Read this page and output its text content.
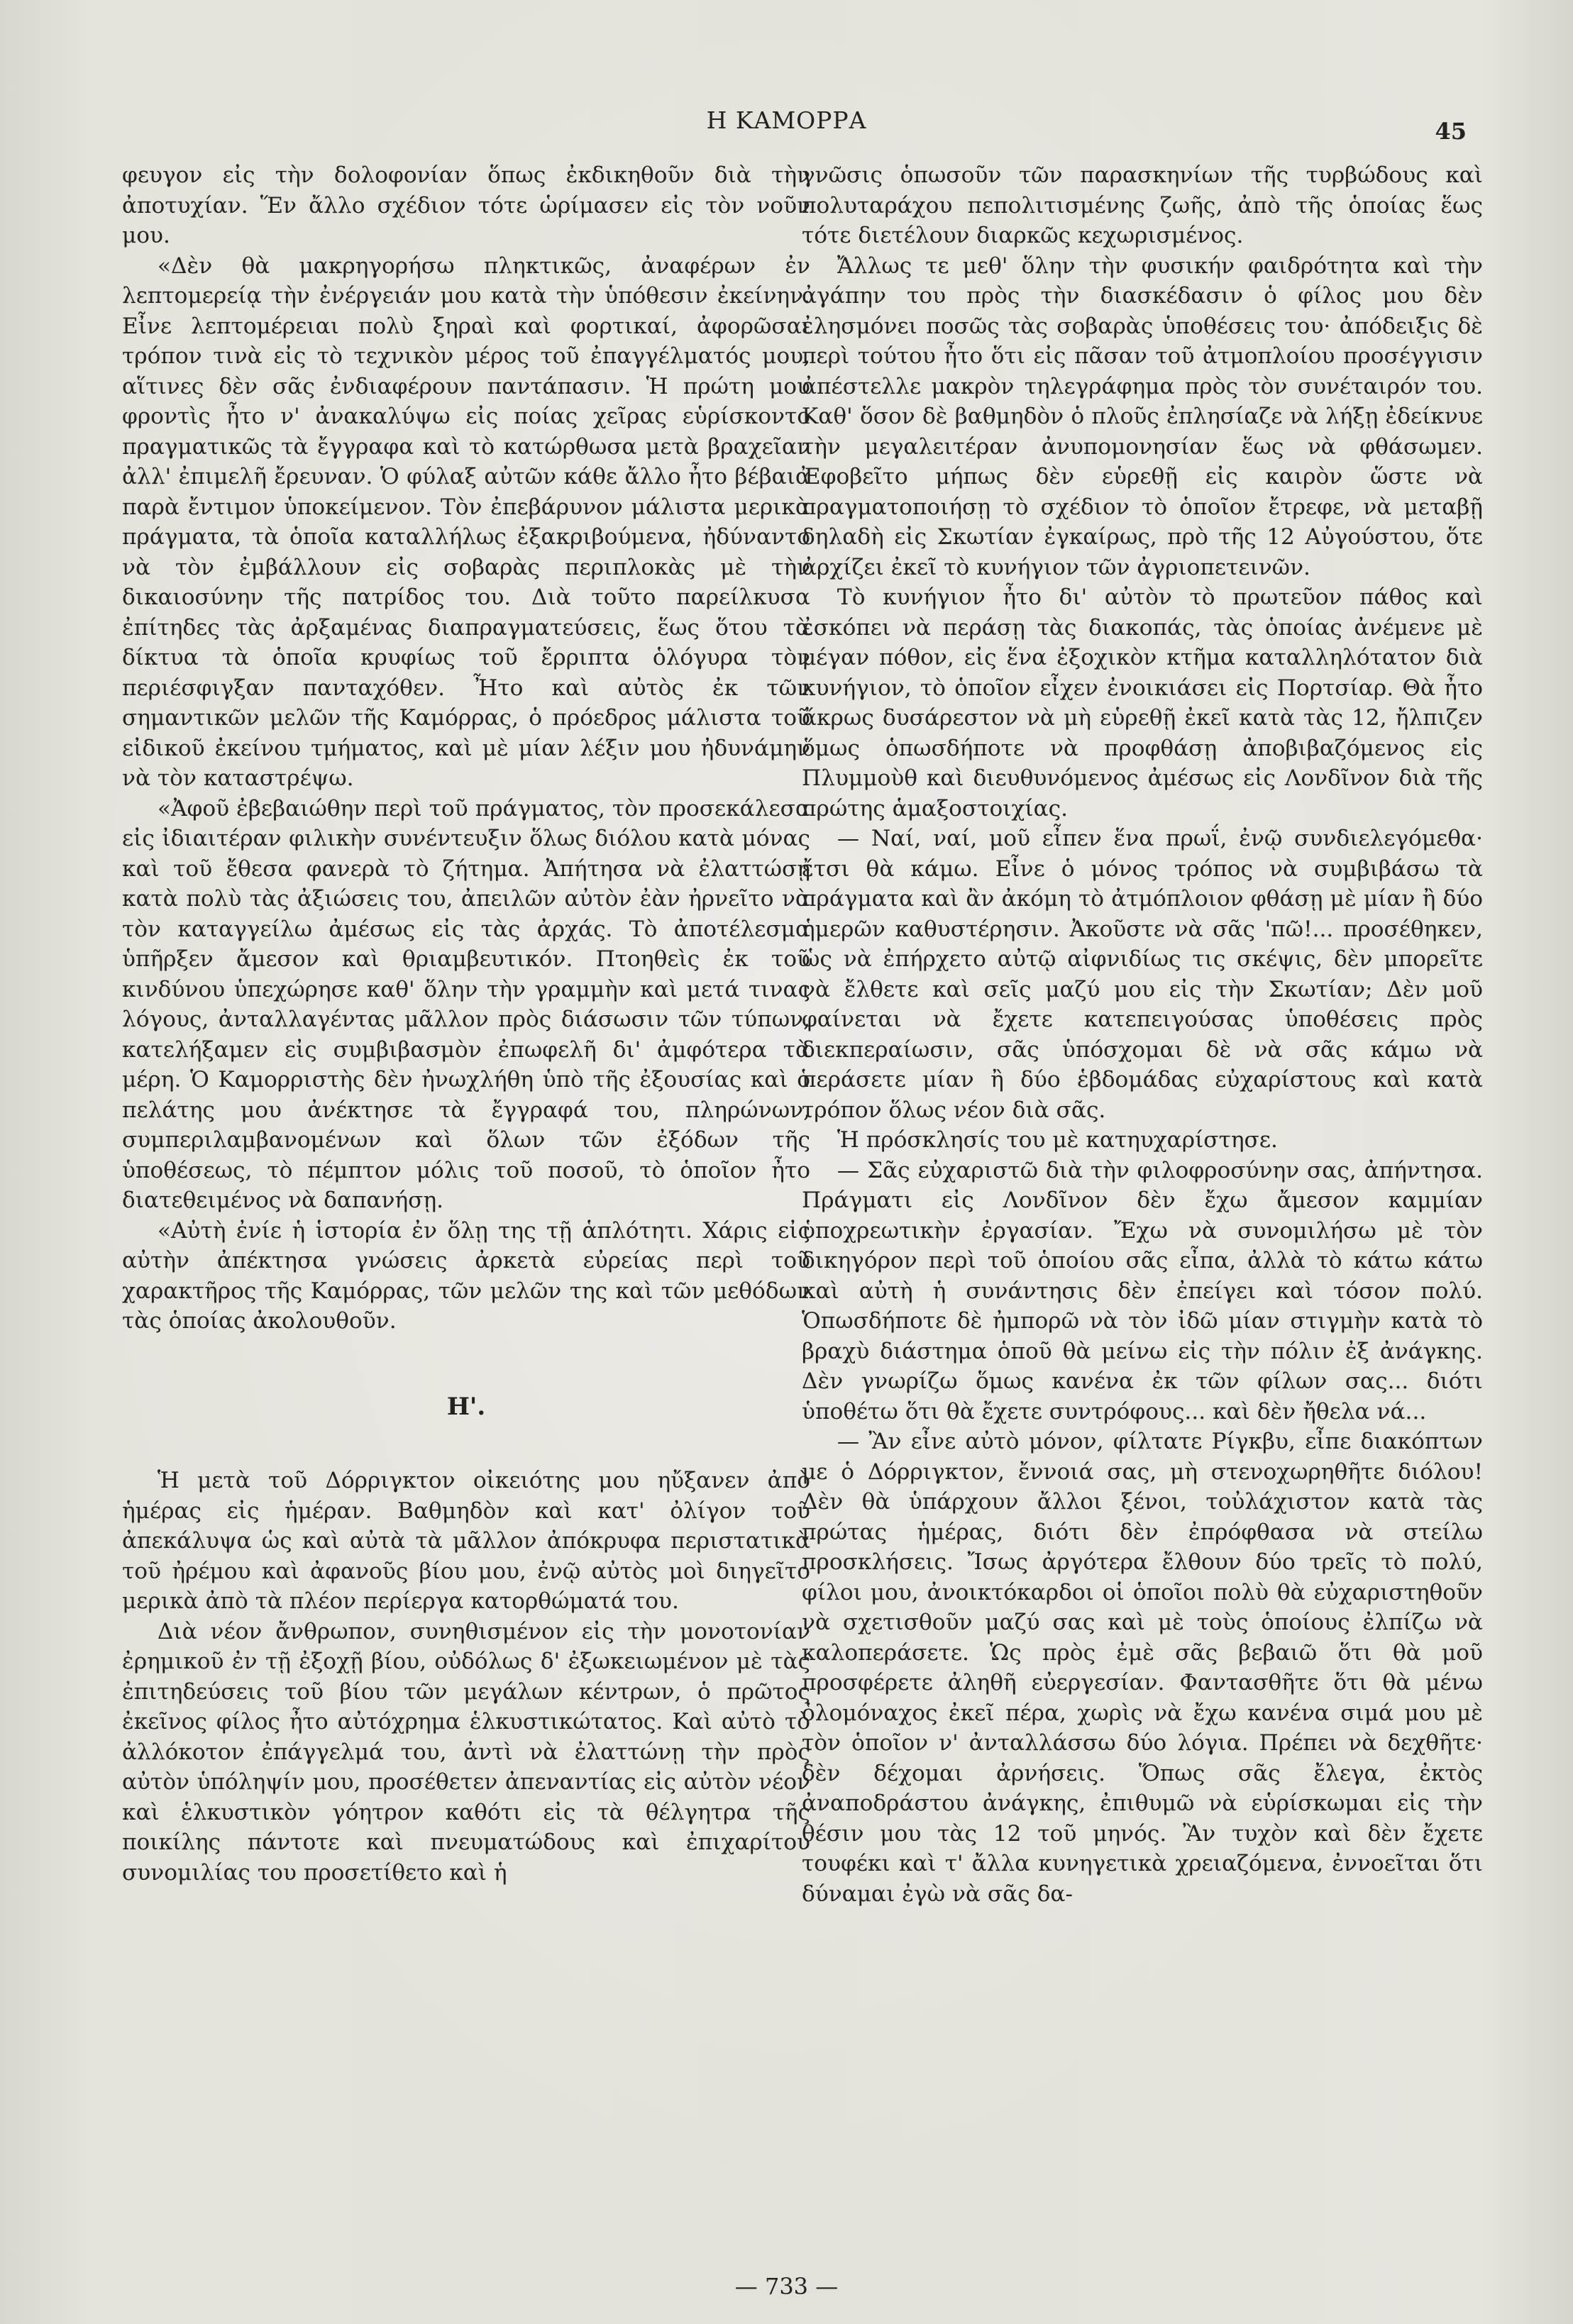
Η ΚΑΜΟΡΡΑ	45

φευγον εἰς τὴν δολοφονίαν ὅπως ἐκδικηθοῦν διὰ τὴν ἀποτυχίαν. Ἕν ἄλλο σχέδιον τότε ὡρίμασεν εἰς τὸν νοῦν μου.

«Δὲν θὰ μακρηγορήσω πληκτικῶς, ἀναφέρων ἐν λεπτομερείᾳ τὴν ἐνέργειάν μου κατὰ τὴν ὑπόθεσιν ἐκείνην. Εἶνε λεπτομέρειαι πολὺ ξηραὶ καὶ φορτικαί, ἀφορῶσαι τρόπον τινὰ εἰς τὸ τεχνικὸν μέρος τοῦ ἐπαγγέλματός μου, αἵτινες δὲν σᾶς ἐνδιαφέρουν παντάπασιν. Ἡ πρώτη μου φροντὶς ἦτο ν' ἀνακαλύψω εἰς ποίας χεῖρας εὑρίσκοντο πραγματικῶς τὰ ἔγγραφα καὶ τὸ κατώρθωσα μετὰ βραχεῖαν ἀλλ' ἐπιμελῆ ἔρευναν. Ὁ φύλαξ αὐτῶν κάθε ἄλλο ἦτο βέβαια παρὰ ἔντιμον ὑποκείμενον. Τὸν ἐπεβάρυνον μάλιστα μερικὰ πράγματα, τὰ ὁποῖα καταλλήλως ἐξακριβούμενα, ἠδύναντο νὰ τὸν ἐμβάλλουν εἰς σοβαρὰς περιπλοκὰς μὲ τὴν δικαιοσύνην τῆς πατρίδος του. Διὰ τοῦτο παρείλκυσα ἐπίτηδες τὰς ἀρξαμένας διαπραγματεύσεις, ἕως ὅτου τὰ δίκτυα τὰ ὁποῖα κρυφίως τοῦ ἔρριπτα ὁλόγυρα τὸν περιέσφιγξαν πανταχόθεν. Ἦτο καὶ αὐτὸς ἐκ τῶν σημαντικῶν μελῶν τῆς Καμόρρας, ὁ πρόεδρος μάλιστα τοῦ εἰδικοῦ ἐκείνου τμήματος, καὶ μὲ μίαν λέξιν μου ἠδυνάμην νὰ τὸν καταστρέψω.

«Ἀφοῦ ἐβεβαιώθην περὶ τοῦ πράγματος, τὸν προσεκάλεσα εἰς ἰδιαιτέραν φιλικὴν συνέντευξιν ὅλως διόλου κατὰ μόνας καὶ τοῦ ἔθεσα φανερὰ τὸ ζήτημα. Ἀπήτησα νὰ ἐλαττώσῃ κατὰ πολὺ τὰς ἀξιώσεις του, ἀπειλῶν αὐτὸν ἐὰν ἠρνεῖτο νὰ τὸν καταγγείλω ἀμέσως εἰς τὰς ἀρχάς. Τὸ ἀποτέλεσμα ὑπῆρξεν ἄμεσον καὶ θριαμβευτικόν. Πτοηθεὶς ἐκ τοῦ κινδύνου ὑπεχώρησε καθ' ὅλην τὴν γραμμὴν καὶ μετά τινας λόγους, ἀνταλλαγέντας μᾶλλον πρὸς διάσωσιν τῶν τύπων, κατελήξαμεν εἰς συμβιβασμὸν ἐπωφελῆ δι' ἀμφότερα τὰ μέρη. Ὁ Καμορριστὴς δὲν ἠνωχλήθη ὑπὸ τῆς ἐξουσίας καὶ ὁ πελάτης μου ἀνέκτησε τὰ ἔγγραφά του, πληρώνων, συμπεριλαμβανομένων καὶ ὅλων τῶν ἐξόδων τῆς ὑποθέσεως, τὸ πέμπτον μόλις τοῦ ποσοῦ, τὸ ὁποῖον ἦτο διατεθειμένος νὰ δαπανήσῃ.

«Αὐτὴ ἐνίε ἡ ἱστορία ἐν ὅλῃ της τῇ ἁπλότητι. Χάρις εἰς αὐτὴν ἀπέκτησα γνώσεις ἀρκετὰ εὐρείας περὶ τοῦ χαρακτῆρος τῆς Καμόρρας, τῶν μελῶν της καὶ τῶν μεθόδων τὰς ὁποίας ἀκολουθοῦν.

Η'.

Ἡ μετὰ τοῦ Δόρριγκτον οἰκειότης μου ηὔξανεν ἀπὸ ἡμέρας εἰς ἡμέραν. Βαθμηδὸν καὶ κατ' ὀλίγον τοῦ ἀπεκάλυψα ὡς καὶ αὐτὰ τὰ μᾶλλον ἀπόκρυφα περιστατικὰ τοῦ ἠρέμου καὶ ἀφανοῦς βίου μου, ἐνῷ αὐτὸς μοὶ διηγεῖτο μερικὰ ἀπὸ τὰ πλέον περίεργα κατορθώματά του.

Διὰ νέον ἄνθρωπον, συνηθισμένον εἰς τὴν μονοτονίαν ἐρημικοῦ ἐν τῇ ἐξοχῇ βίου, οὐδόλως δ' ἐξωκειωμένον μὲ τὰς ἐπιτηδεύσεις τοῦ βίου τῶν μεγάλων κέντρων, ὁ πρῶτος ἐκεῖνος φίλος ἦτο αὐτόχρημα ἑλκυστικώτατος. Καὶ αὐτὸ τὸ ἀλλόκοτον ἐπάγγελμά του, ἀντὶ νὰ ἐλαττώνῃ τὴν πρὸς αὐτὸν ὑπόληψίν μου, προσέθετεν ἀπεναντίας εἰς αὐτὸν νέον καὶ ἑλκυστικὸν γόητρον καθότι εἰς τὰ θέλγητρα τῆς ποικίλης πάντοτε καὶ πνευματώδους καὶ ἐπιχαρίτου συνομιλίας του προσετίθετο καὶ ἡ

γνῶσις ὁπωσοῦν τῶν παρασκηνίων τῆς τυρβώδους καὶ πολυταράχου πεπολιτισμένης ζωῆς, ἀπὸ τῆς ὁποίας ἕως τότε διετέλουν διαρκῶς κεχωρισμένος.

Ἄλλως τε μεθ' ὅλην τὴν φυσικήν φαιδρότητα καὶ τὴν ἀγάπην του πρὸς τὴν διασκέδασιν ὁ φίλος μου δὲν ἐλησμόνει ποσῶς τὰς σοβαρὰς ὑποθέσεις του· ἀπόδειξις δὲ περὶ τούτου ἦτο ὅτι εἰς πᾶσαν τοῦ ἀτμοπλοίου προσέγγισιν ἀπέστελλε μακρὸν τηλεγράφημα πρὸς τὸν συνέταιρόν του. Καθ' ὅσον δὲ βαθμηδὸν ὁ πλοῦς ἐπλησίαζε νὰ λήξῃ ἐδείκνυε τὴν μεγαλειτέραν ἀνυπομονησίαν ἕως νὰ φθάσωμεν. Ἐφοβεῖτο μήπως δὲν εὑρεθῇ εἰς καιρὸν ὥστε νὰ πραγματοποιήσῃ τὸ σχέδιον τὸ ὁποῖον ἔτρεφε, νὰ μεταβῇ δηλαδὴ εἰς Σκωτίαν ἐγκαίρως, πρὸ τῆς 12 Αὐγούστου, ὅτε ἀρχίζει ἐκεῖ τὸ κυνήγιον τῶν ἀγριοπετεινῶν.

Τὸ κυνήγιον ἦτο δι' αὐτὸν τὸ πρωτεῦον πάθος καὶ ἐσκόπει νὰ περάσῃ τὰς διακοπάς, τὰς ὁποίας ἀνέμενε μὲ μέγαν πόθον, εἰς ἕνα ἐξοχικὸν κτῆμα καταλληλότατον διὰ κυνήγιον, τὸ ὁποῖον εἶχεν ἐνοικιάσει εἰς Πορτσίαρ. Θὰ ἦτο ἄκρως δυσάρεστον νὰ μὴ εὑρεθῇ ἐκεῖ κατὰ τὰς 12, ἤλπιζεν ὅμως ὁπωσδήποτε νὰ προφθάσῃ ἀποβιβαζόμενος εἰς Πλυμμοὺθ καὶ διευθυνόμενος ἀμέσως εἰς Λονδῖνον διὰ τῆς πρώτης ἁμαξοστοιχίας.

— Ναί, ναί, μοῦ εἶπεν ἕνα πρωΐ, ἐνῷ συνδιελεγόμεθα· ἔτσι θὰ κάμω. Εἶνε ὁ μόνος τρόπος νὰ συμβιβάσω τὰ πράγματα καὶ ἂν ἀκόμη τὸ ἀτμόπλοιον φθάσῃ μὲ μίαν ἢ δύο ἡμερῶν καθυστέρησιν. Ἀκοῦστε νὰ σᾶς 'πῶ!... προσέθηκεν, ὡς νὰ ἐπήρχετο αὐτῷ αἰφνιδίως τις σκέψις, δὲν μπορεῖτε νὰ ἔλθετε καὶ σεῖς μαζύ μου εἰς τὴν Σκωτίαν; Δὲν μοῦ φαίνεται νὰ ἔχετε κατεπειγούσας ὑποθέσεις πρὸς διεκπεραίωσιν, σᾶς ὑπόσχομαι δὲ νὰ σᾶς κάμω νὰ περάσετε μίαν ἢ δύο ἑβδομάδας εὐχαρίστους καὶ κατὰ τρόπον ὅλως νέον διὰ σᾶς.

Ἡ πρόσκλησίς του μὲ κατηυχαρίστησε.

— Σᾶς εὐχαριστῶ διὰ τὴν φιλοφροσύνην σας, ἀπήντησα. Πράγματι εἰς Λονδῖνον δὲν ἔχω ἄμεσον καμμίαν ὑποχρεωτικὴν ἐργασίαν. Ἔχω νὰ συνομιλήσω μὲ τὸν δικηγόρον περὶ τοῦ ὁποίου σᾶς εἶπα, ἀλλὰ τὸ κάτω κάτω καὶ αὐτὴ ἡ συνάντησις δὲν ἐπείγει καὶ τόσον πολύ. Ὁπωσδήποτε δὲ ἠμπορῶ νὰ τὸν ἰδῶ μίαν στιγμὴν κατὰ τὸ βραχὺ διάστημα ὁποῦ θὰ μείνω εἰς τὴν πόλιν ἐξ ἀνάγκης. Δὲν γνωρίζω ὅμως κανένα ἐκ τῶν φίλων σας... διότι ὑποθέτω ὅτι θὰ ἔχετε συντρόφους... καὶ δὲν ἤθελα νά...

— Ἂν εἶνε αὐτὸ μόνον, φίλτατε Ρίγκβυ, εἶπε διακόπτων με ὁ Δόρριγκτον, ἔννοιά σας, μὴ στενοχωρηθῆτε διόλου! Δὲν θὰ ὑπάρχουν ἄλλοι ξένοι, τοὐλάχιστον κατὰ τὰς πρώτας ἡμέρας, διότι δὲν ἐπρόφθασα νὰ στείλω προσκλήσεις. Ἴσως ἀργότερα ἔλθουν δύο τρεῖς τὸ πολύ, φίλοι μου, ἀνοικτόκαρδοι οἱ ὁποῖοι πολὺ θὰ εὐχαριστηθοῦν νὰ σχετισθοῦν μαζύ σας καὶ μὲ τοὺς ὁποίους ἐλπίζω νὰ καλοπεράσετε. Ὡς πρὸς ἐμὲ σᾶς βεβαιῶ ὅτι θὰ μοῦ προσφέρετε ἀληθῆ εὐεργεσίαν. Φαντασθῆτε ὅτι θὰ μένω ὁλομόναχος ἐκεῖ πέρα, χωρὶς νὰ ἔχω κανένα σιμά μου μὲ τὸν ὁποῖον ν' ἀνταλλάσσω δύο λόγια. Πρέπει νὰ δεχθῆτε· δὲν δέχομαι ἀρνήσεις. Ὅπως σᾶς ἔλεγα, ἐκτὸς ἀναποδράστου ἀνάγκης, ἐπιθυμῶ νὰ εὑρίσκωμαι εἰς τὴν θέσιν μου τὰς 12 τοῦ μηνός. Ἂν τυχὸν καὶ δὲν ἔχετε τουφέκι καὶ τ' ἄλλα κυνηγετικὰ χρειαζόμενα, ἐννοεῖται ὅτι δύναμαι ἐγὼ νὰ σᾶς δα-

— 733 —
